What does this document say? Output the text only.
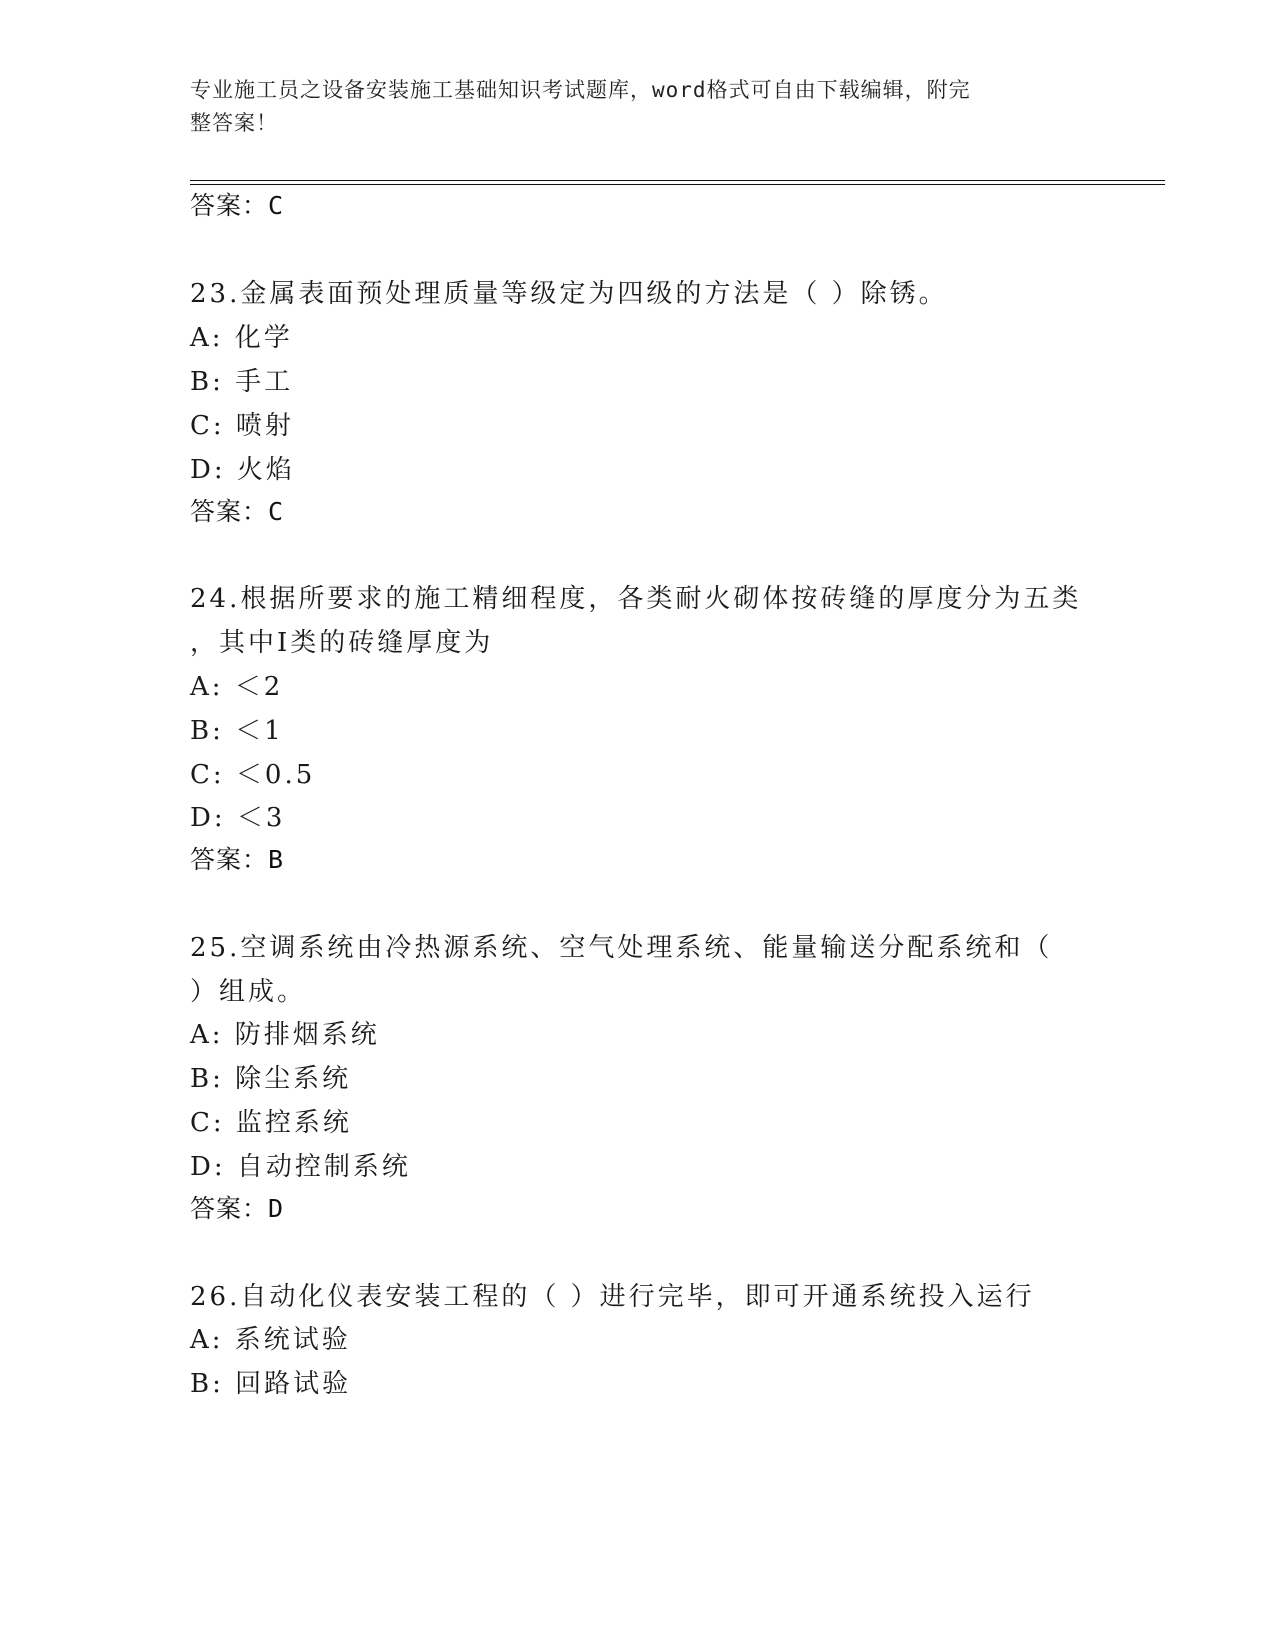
专业施工员之设备安装施工基础知识考试题库，word格式可自由下载编辑，附完
整答案！
答案：C
23.金属表面预处理质量等级定为四级的方法是（ ）除锈。
A: 化学
B: 手工
C: 喷射
D: 火焰
答案：C
24.根据所要求的施工精细程度，各类耐火砌体按砖缝的厚度分为五类
，其中Ⅰ类的砖缝厚度为
A: ＜2
B: ＜1
C: ＜0.5
D: ＜3
答案：B
25.空调系统由冷热源系统、空气处理系统、能量输送分配系统和（
）组成。
A: 防排烟系统
B: 除尘系统
C: 监控系统
D: 自动控制系统
答案：D
26.自动化仪表安装工程的（ ）进行完毕，即可开通系统投入运行
A: 系统试验
B: 回路试验
